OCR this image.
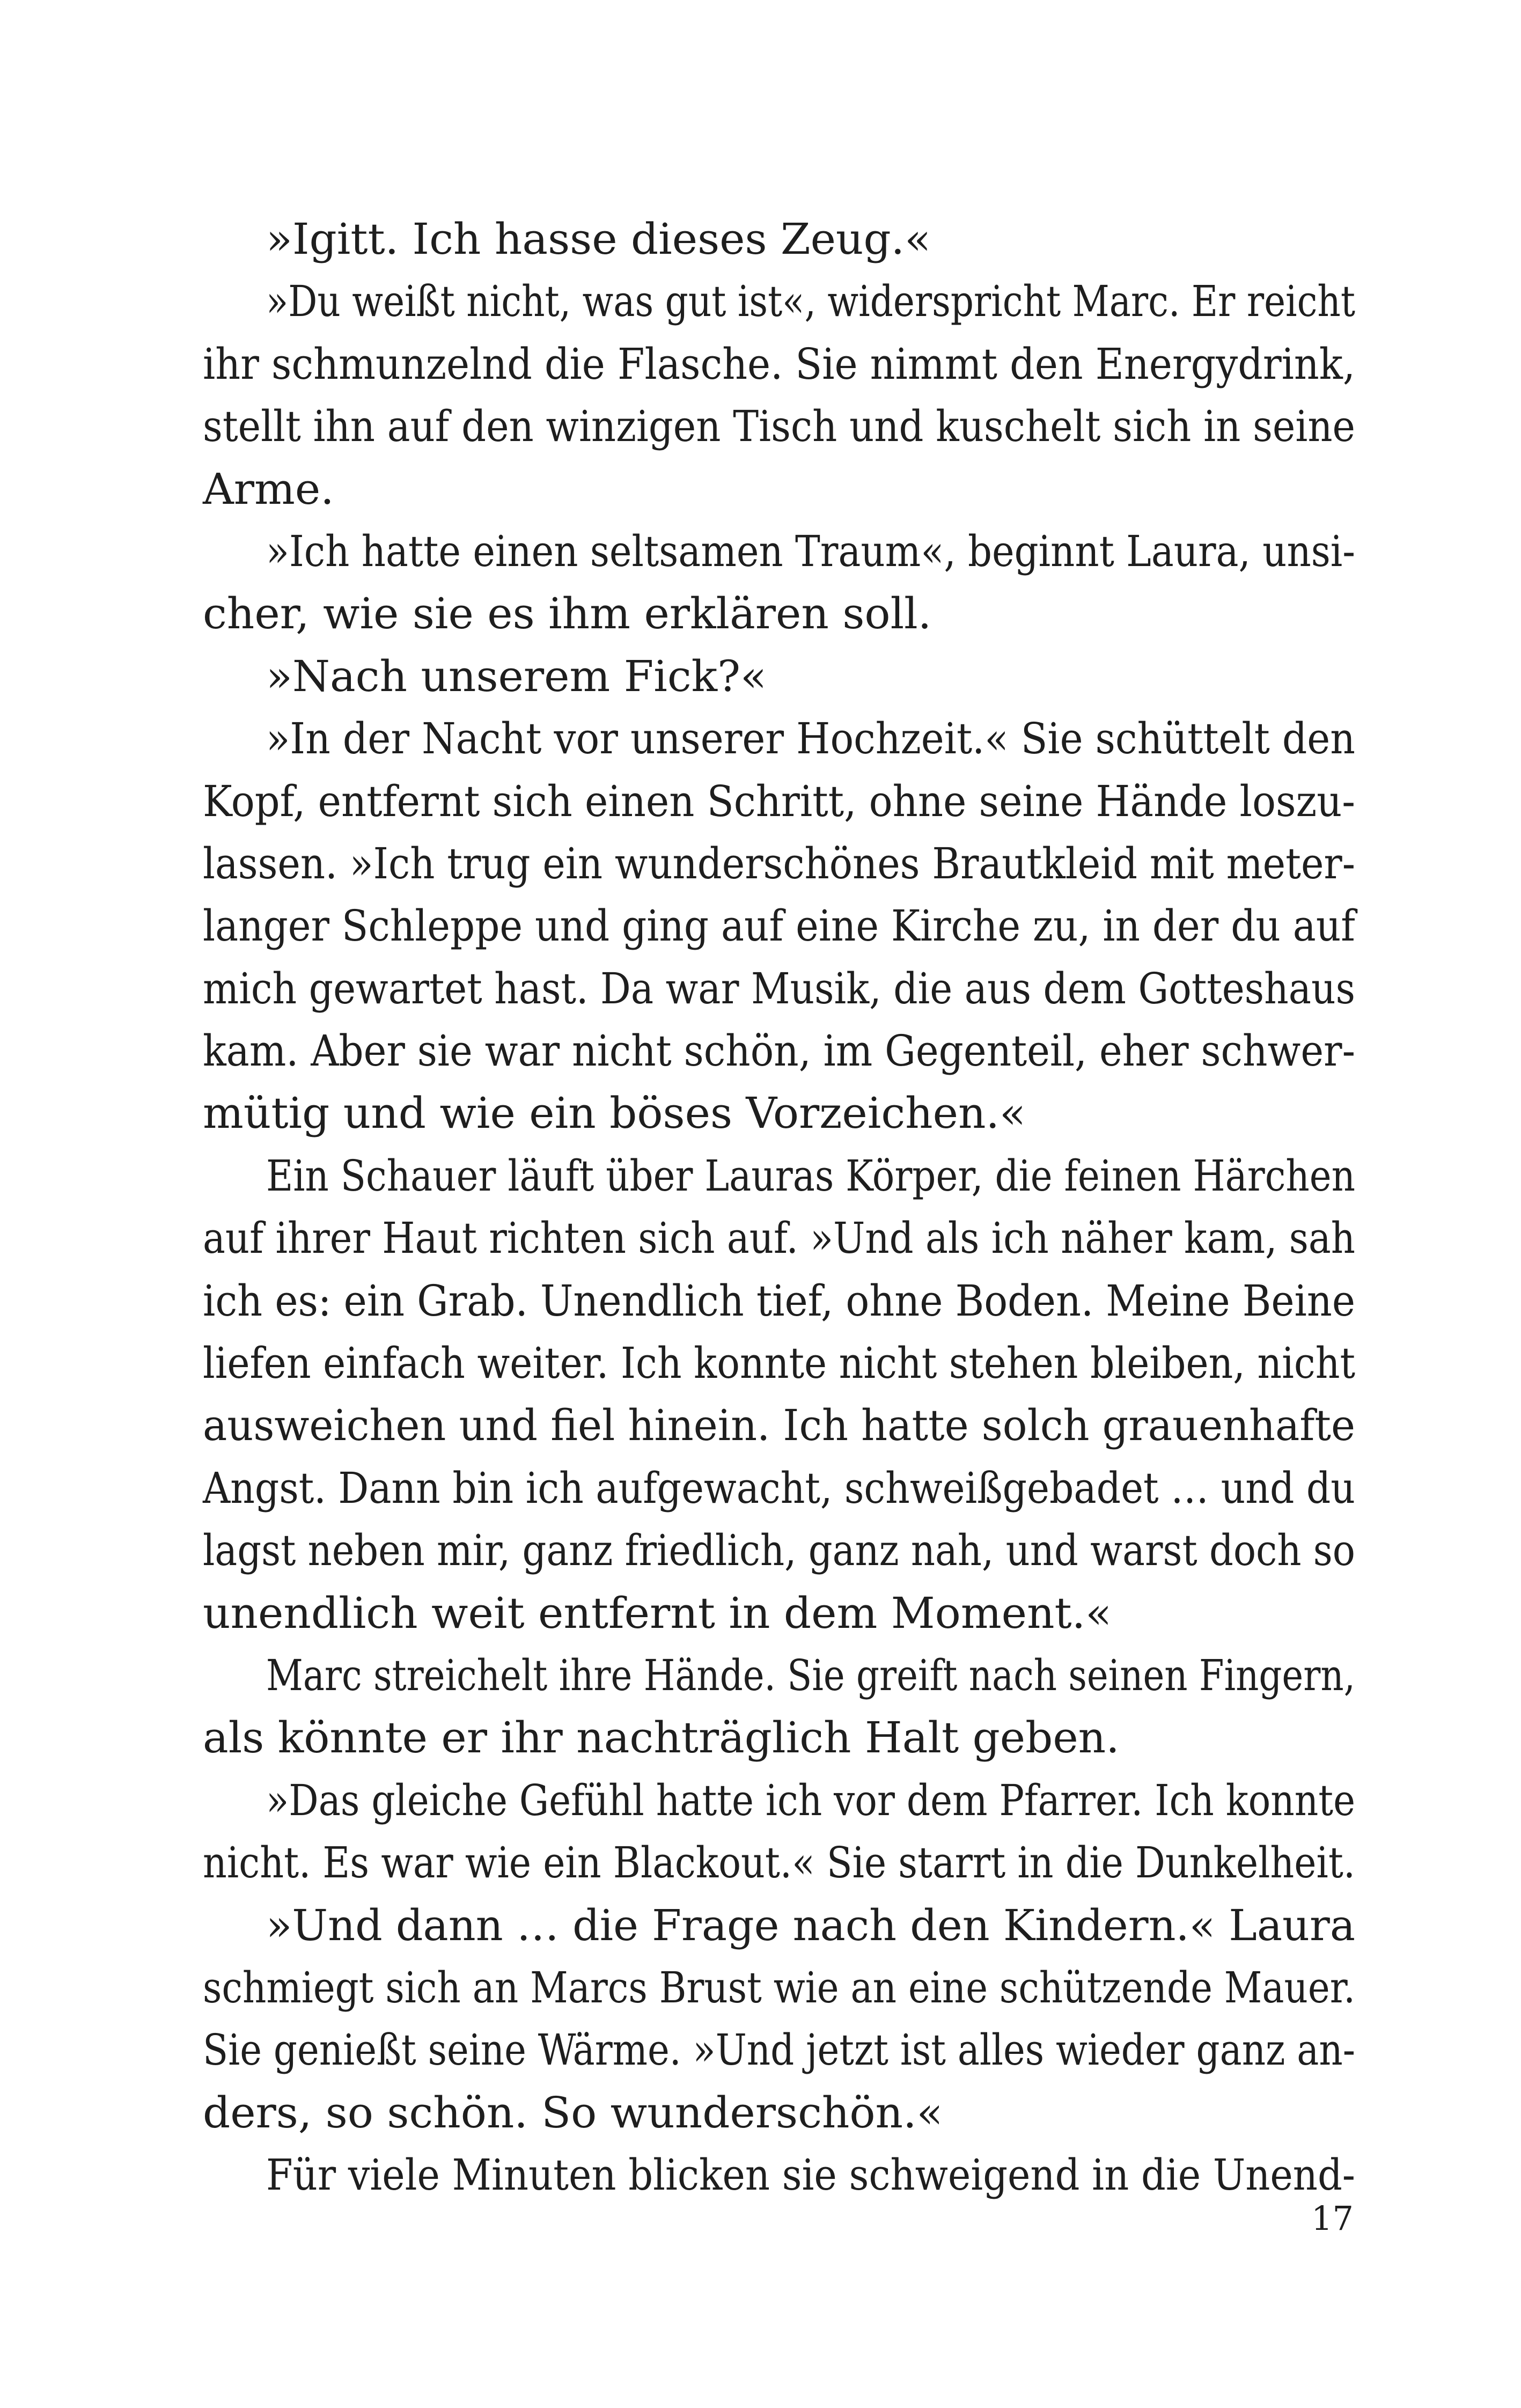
»Igitt. Ich hasse dieses Zeug.«
»Du weißt nicht, was gut ist«, widerspricht Marc. Er reicht
ihr schmunzelnd die Flasche. Sie nimmt den Energydrink,
stellt ihn auf den winzigen Tisch und kuschelt sich in seine
Arme.
»Ich hatte einen seltsamen Traum«, beginnt Laura, unsi-
cher, wie sie es ihm erklären soll.
»Nach unserem Fick?«
»In der Nacht vor unserer Hochzeit.« Sie schüttelt den
Kopf, entfernt sich einen Schritt, ohne seine Hände loszu-
lassen. »Ich trug ein wunderschönes Brautkleid mit meter-
langer Schleppe und ging auf eine Kirche zu, in der du auf
mich gewartet hast. Da war Musik, die aus dem Gotteshaus
kam. Aber sie war nicht schön, im Gegenteil, eher schwer-
mütig und wie ein böses Vorzeichen.«
Ein Schauer läuft über Lauras Körper, die feinen Härchen
auf ihrer Haut richten sich auf. »Und als ich näher kam, sah
ich es: ein Grab. Unendlich tief, ohne Boden. Meine Beine
liefen einfach weiter. Ich konnte nicht stehen bleiben, nicht
ausweichen und fiel hinein. Ich hatte solch grauenhafte
Angst. Dann bin ich aufgewacht, schweißgebadet … und du
lagst neben mir, ganz friedlich, ganz nah, und warst doch so
unendlich weit entfernt in dem Moment.«
Marc streichelt ihre Hände. Sie greift nach seinen Fingern,
als könnte er ihr nachträglich Halt geben.
»Das gleiche Gefühl hatte ich vor dem Pfarrer. Ich konnte
nicht. Es war wie ein Blackout.« Sie starrt in die Dunkelheit.
»Und dann … die Frage nach den Kindern.« Laura
schmiegt sich an Marcs Brust wie an eine schützende Mauer.
Sie genießt seine Wärme. »Und jetzt ist alles wieder ganz an-
ders, so schön. So wunderschön.«
Für viele Minuten blicken sie schweigend in die Unend-
17
